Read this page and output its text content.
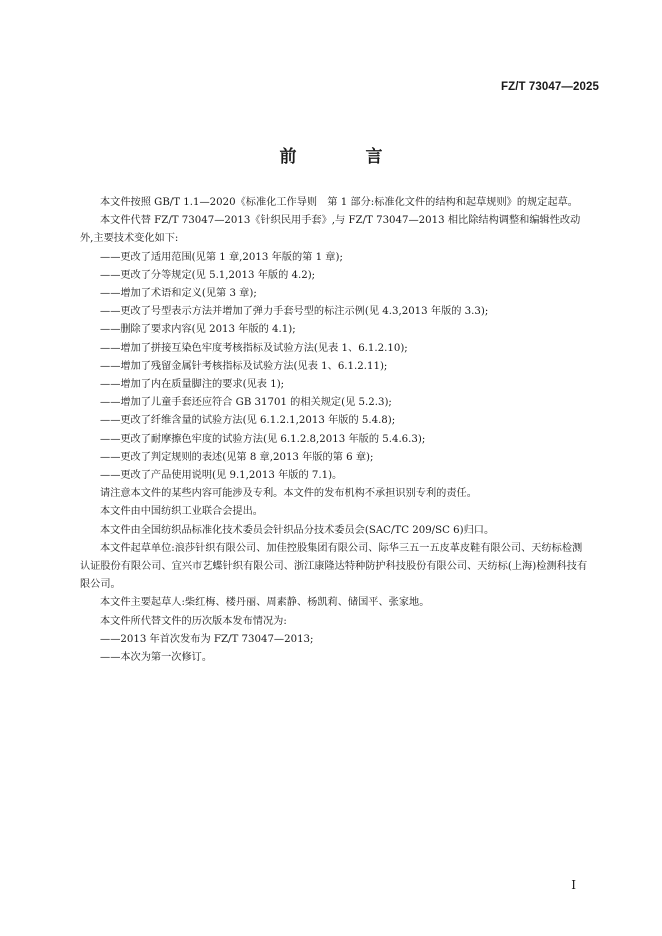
FZ/T 73047—2025
前　言

本文件按照 GB/T 1.1—2020《标准化工作导则　第 1 部分:标准化文件的结构和起草规则》的规定起草。

本文件代替 FZ/T 73047—2013《针织民用手套》,与 FZ/T 73047—2013 相比除结构调整和编辑性改动外,主要技术变化如下:

——更改了适用范围(见第 1 章,2013 年版的第 1 章);

——更改了分等规定(见 5.1,2013 年版的 4.2);

——增加了术语和定义(见第 3 章);

——更改了号型表示方法并增加了弹力手套号型的标注示例(见 4.3,2013 年版的 3.3);

——删除了要求内容(见 2013 年版的 4.1);

——增加了拼接互染色牢度考核指标及试验方法(见表 1、6.1.2.10);

——增加了残留金属针考核指标及试验方法(见表 1、6.1.2.11);

——增加了内在质量脚注的要求(见表 1);

——增加了儿童手套还应符合 GB 31701 的相关规定(见 5.2.3);

——更改了纤维含量的试验方法(见 6.1.2.1,2013 年版的 5.4.8);

——更改了耐摩擦色牢度的试验方法(见 6.1.2.8,2013 年版的 5.4.6.3);

——更改了判定规则的表述(见第 8 章,2013 年版的第 6 章);

——更改了产品使用说明(见 9.1,2013 年版的 7.1)。

请注意本文件的某些内容可能涉及专利。本文件的发布机构不承担识别专利的责任。

本文件由中国纺织工业联合会提出。

本文件由全国纺织品标准化技术委员会针织品分技术委员会(SAC/TC 209/SC 6)归口。

本文件起草单位:浪莎针织有限公司、加佳控股集团有限公司、际华三五一五皮革皮鞋有限公司、天纺标检测认证股份有限公司、宜兴市艺蝶针织有限公司、浙江康隆达特种防护科技股份有限公司、天纺标(上海)检测科技有限公司。

本文件主要起草人:柴红梅、楼丹丽、周素静、杨凯莉、储国平、张家地。

本文件所代替文件的历次版本发布情况为:

——2013 年首次发布为 FZ/T 73047—2013;

——本次为第一次修订。

I
